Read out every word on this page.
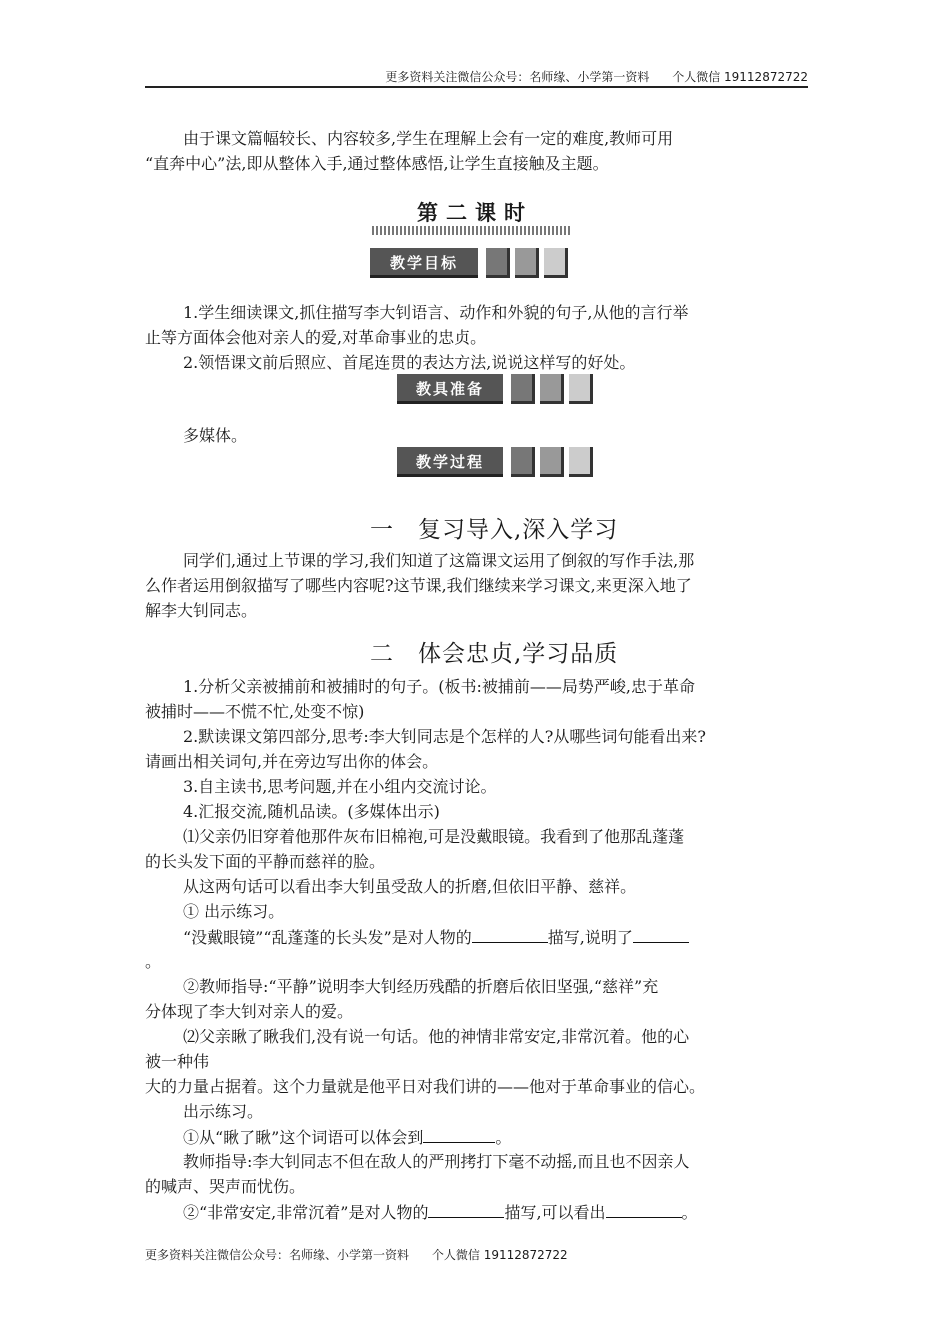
更多资料关注微信公众号：名师缘、小学第一资料      个人微信 19112872722
由于课文篇幅较长、内容较多,学生在理解上会有一定的难度,教师可用
“直奔中心”法,即从整体入手,通过整体感悟,让学生直接触及主题。
第二课时
教学目标
1.学生细读课文,抓住描写李大钊语言、动作和外貌的句子,从他的言行举
止等方面体会他对亲人的爱,对革命事业的忠贞。
2.领悟课文前后照应、首尾连贯的表达方法,说说这样写的好处。
教具准备
多媒体。
教学过程
一　复习导入,深入学习
同学们,通过上节课的学习,我们知道了这篇课文运用了倒叙的写作手法,那
么作者运用倒叙描写了哪些内容呢?这节课,我们继续来学习课文,来更深入地了
解李大钊同志。
二　体会忠贞,学习品质
1.分析父亲被捕前和被捕时的句子。(板书:被捕前——局势严峻,忠于革命
被捕时——不慌不忙,处变不惊)
2.默读课文第四部分,思考:李大钊同志是个怎样的人?从哪些词句能看出来?
请画出相关词句,并在旁边写出你的体会。
3.自主读书,思考问题,并在小组内交流讨论。
4.汇报交流,随机品读。(多媒体出示)
⑴父亲仍旧穿着他那件灰布旧棉袍,可是没戴眼镜。我看到了他那乱蓬蓬
的长头发下面的平静而慈祥的脸。
从这两句话可以看出李大钊虽受敌人的折磨,但依旧平静、慈祥。
① 出示练习。
“没戴眼镜”“乱蓬蓬的长头发”是对人物的	描写,说明了
。
②教师指导:“平静”说明李大钊经历残酷的折磨后依旧坚强,“慈祥”充
分体现了李大钊对亲人的爱。
⑵父亲瞅了瞅我们,没有说一句话。他的神情非常安定,非常沉着。他的心
被一种伟
大的力量占据着。这个力量就是他平日对我们讲的——他对于革命事业的信心。
出示练习。
①从“瞅了瞅”这个词语可以体会到	。
教师指导:李大钊同志不但在敌人的严刑拷打下毫不动摇,而且也不因亲人
的喊声、哭声而忧伤。
②“非常安定,非常沉着”是对人物的	描写,可以看出	。
更多资料关注微信公众号：名师缘、小学第一资料      个人微信 19112872722
